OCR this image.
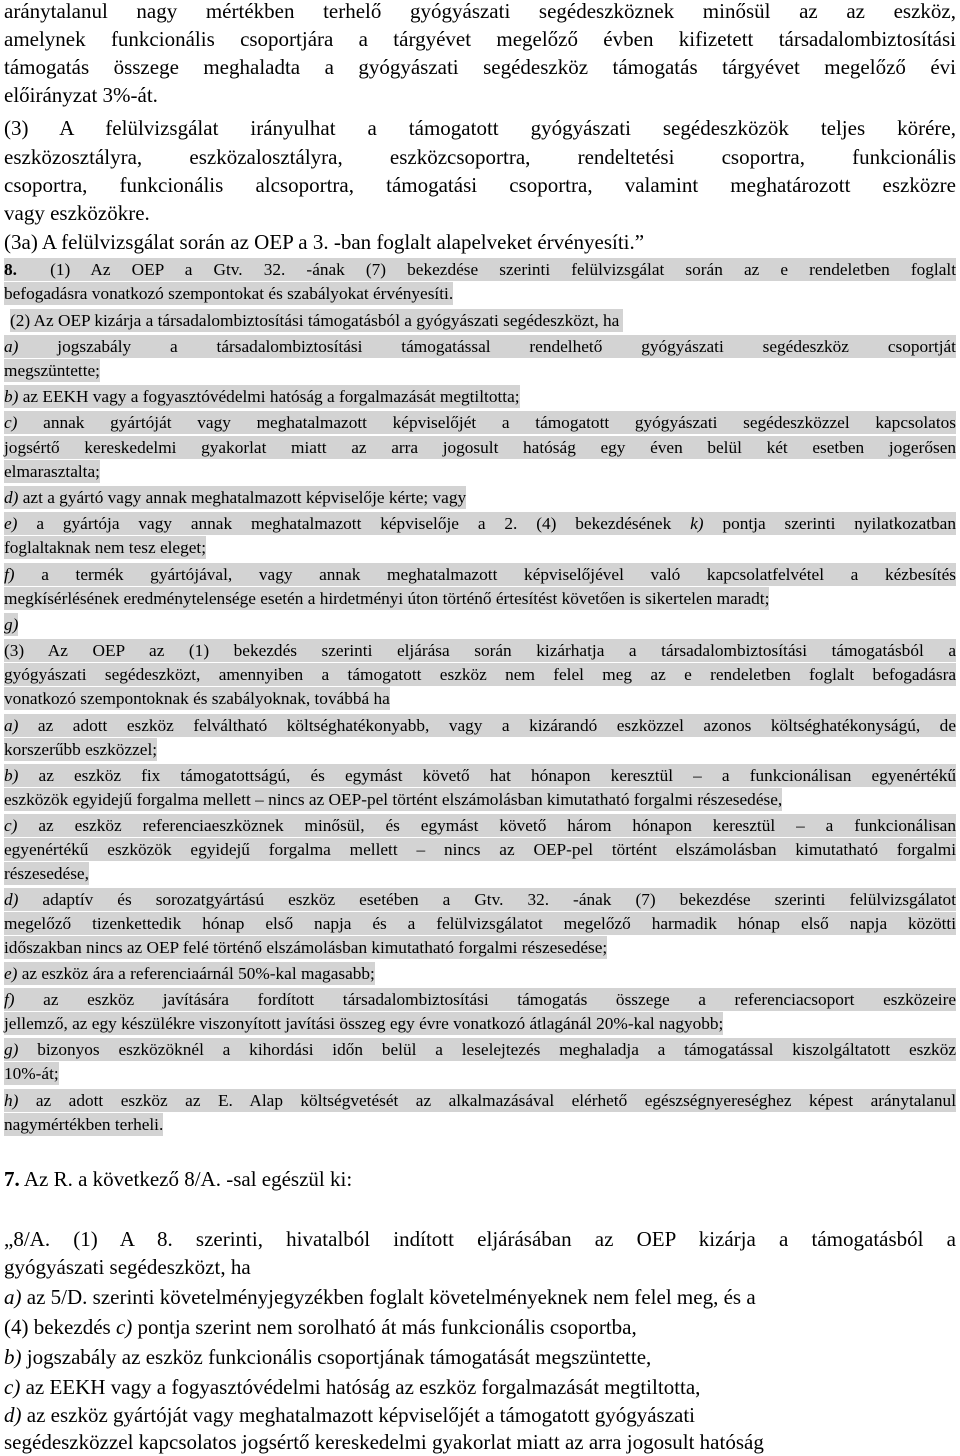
aránytalanul nagy mértékben terhelő gyógyászati segédeszköznek minősül az az eszköz,
amelynek funkcionális csoportjára a tárgyévet megelőző évben kifizetett társadalombiztosítási
támogatás összege meghaladta a gyógyászati segédeszköz támogatás tárgyévet megelőző évi
előirányzat 3%-át.
(3) A felülvizsgálat irányulhat a támogatott gyógyászati segédeszközök teljes körére,
eszközosztályra, eszközalosztályra, eszközcsoportra, rendeltetési csoportra, funkcionális
csoportra, funkcionális alcsoportra, támogatási csoportra, valamint meghatározott eszközre
vagy eszközökre.
(3a) A felülvizsgálat során az OEP a 3. -ban foglalt alapelveket érvényesíti.”
8. (1) Az OEP a Gtv. 32. -ának (7) bekezdése szerinti felülvizsgálat során az e rendeletben foglalt
befogadásra vonatkozó szempontokat és szabályokat érvényesíti.
(2) Az OEP kizárja a társadalombiztosítási támogatásból a gyógyászati segédeszközt, ha
a) jogszabály a társadalombiztosítási támogatással rendelhető gyógyászati segédeszköz csoportját
megszüntette;
b) az EEKH vagy a fogyasztóvédelmi hatóság a forgalmazását megtiltotta;
c) annak gyártóját vagy meghatalmazott képviselőjét a támogatott gyógyászati segédeszközzel kapcsolatos
jogsértő kereskedelmi gyakorlat miatt az arra jogosult hatóság egy éven belül két esetben jogerősen
elmarasztalta;
d) azt a gyártó vagy annak meghatalmazott képviselője kérte; vagy
e) a gyártója vagy annak meghatalmazott képviselője a 2. (4) bekezdésének k) pontja szerinti nyilatkozatban
foglaltaknak nem tesz eleget;
f) a termék gyártójával, vagy annak meghatalmazott képviselőjével való kapcsolatfelvétel a kézbesítés
megkísérlésének eredménytelensége esetén a hirdetményi úton történő értesítést követően is sikertelen maradt;
g)
(3) Az OEP az (1) bekezdés szerinti eljárása során kizárhatja a társadalombiztosítási támogatásból a
gyógyászati segédeszközt, amennyiben a támogatott eszköz nem felel meg az e rendeletben foglalt befogadásra
vonatkozó szempontoknak és szabályoknak, továbbá ha
a) az adott eszköz felváltható költséghatékonyabb, vagy a kizárandó eszközzel azonos költséghatékonyságú, de
korszerűbb eszközzel;
b) az eszköz fix támogatottságú, és egymást követő hat hónapon keresztül – a funkcionálisan egyenértékű
eszközök egyidejű forgalma mellett – nincs az OEP-pel történt elszámolásban kimutatható forgalmi részesedése,
c) az eszköz referenciaeszköznek minősül, és egymást követő három hónapon keresztül – a funkcionálisan
egyenértékű eszközök egyidejű forgalma mellett – nincs az OEP-pel történt elszámolásban kimutatható forgalmi
részesedése,
d) adaptív és sorozatgyártású eszköz esetében a Gtv. 32. -ának (7) bekezdése szerinti felülvizsgálatot
megelőző tizenkettedik hónap első napja és a felülvizsgálatot megelőző harmadik hónap első napja közötti
időszakban nincs az OEP felé történő elszámolásban kimutatható forgalmi részesedése;
e) az eszköz ára a referenciaárnál 50%-kal magasabb;
f) az eszköz javítására fordított társadalombiztosítási támogatás összege a referenciacsoport eszközeire
jellemző, az egy készülékre viszonyított javítási összeg egy évre vonatkozó átlagánál 20%-kal nagyobb;
g) bizonyos eszközöknél a kihordási időn belül a leselejtezés meghaladja a támogatással kiszolgáltatott eszköz
10%-át;
h) az adott eszköz az E. Alap költségvetését az alkalmazásával elérhető egészségnyereséghez képest aránytalanul
nagymértékben terheli.
7. Az R. a következő 8/A. -sal egészül ki:
„8/A. (1) A 8. szerinti, hivatalból indított eljárásában az OEP kizárja a támogatásból a
gyógyászati segédeszközt, ha
a) az 5/D. szerinti követelményjegyzékben foglalt követelményeknek nem felel meg, és a
(4) bekezdés c) pontja szerint nem sorolható át más funkcionális csoportba,
b) jogszabály az eszköz funkcionális csoportjának támogatását megszüntette,
c) az EEKH vagy a fogyasztóvédelmi hatóság az eszköz forgalmazását megtiltotta,
d) az eszköz gyártóját vagy meghatalmazott képviselőjét a támogatott gyógyászati
segédeszközzel kapcsolatos jogsértő kereskedelmi gyakorlat miatt az arra jogosult hatóság
